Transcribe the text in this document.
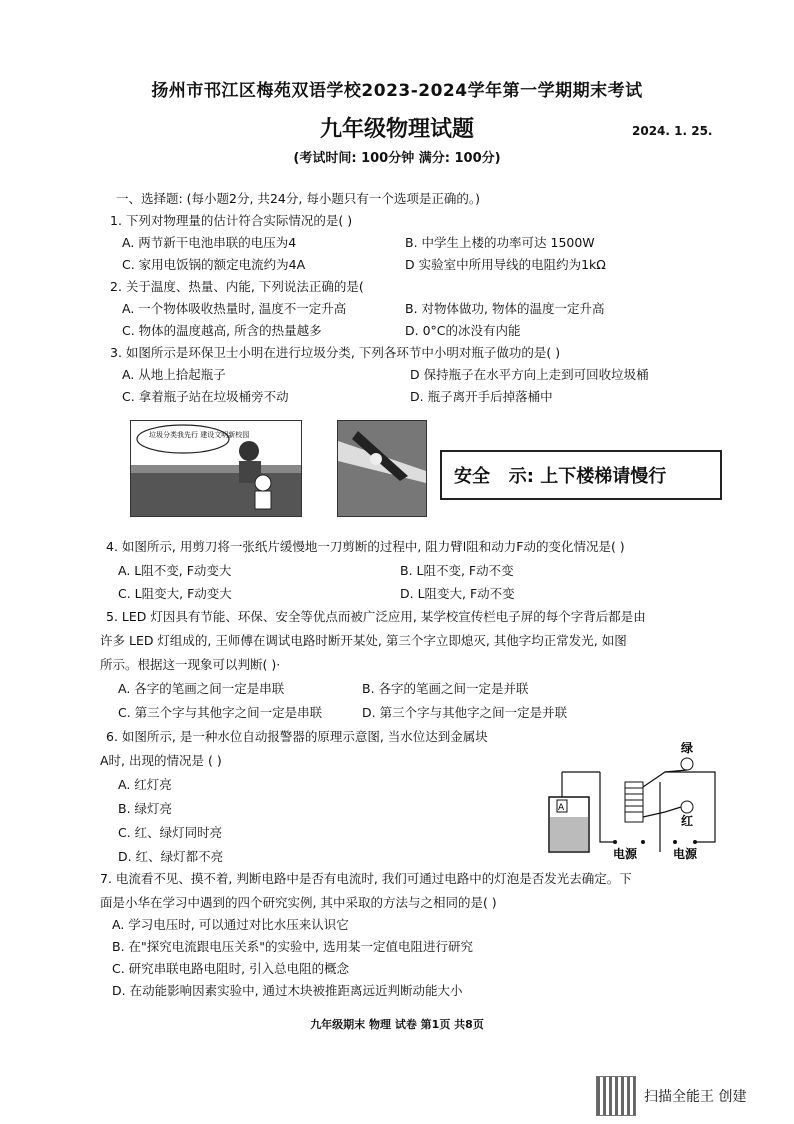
扬州市邗江区梅苑双语学校2023-2024学年第一学期期末考试
九年级物理试题	2024. 1. 25.
(考试时间: 100分钟 满分: 100分)
一、选择题: (每小题2分, 共24分, 每小题只有一个选项是正确的。)
1. 下列对物理量的估计符合实际情况的是( )
A. 两节新干电池串联的电压为4	B. 中学生上楼的功率可达 1500W
C. 家用电饭锅的额定电流约为4A	D 实验室中所用导线的电阻约为1kΩ
2. 关于温度、热量、内能, 下列说法正确的是(
A. 一个物体吸收热量时, 温度不一定升高	B. 对物体做功, 物体的温度一定升高
C. 物体的温度越高, 所含的热量越多	D. 0°C的冰没有内能
3. 如图所示是环保卫士小明在进行垃圾分类, 下列各环节中小明对瓶子做功的是( )
A. 从地上拾起瓶子	D 保持瓶子在水平方向上走到可回收垃圾桶
C. 拿着瓶子站在垃圾桶旁不动	D. 瓶子离开手后掉落桶中
垃圾分类我先行 建设文明新校园
安全   示: 上下楼梯请慢行
4. 如图所示, 用剪刀将一张纸片缓慢地一刀剪断的过程中, 阻力臂l阻和动力F动的变化情况是( )
A. L阻不变, F动变大	B. L阻不变, F动不变
C. L阻变大, F动变大	D. L阻变大, F动不变
5. LED 灯因具有节能、环保、安全等优点而被广泛应用, 某学校宣传栏电子屏的每个字背后都是由
许多 LED 灯组成的, 王师傅在调试电路时断开某处, 第三个字立即熄灭, 其他字均正常发光, 如图
所示。根据这一现象可以判断( )·
A. 各字的笔画之间一定是串联	B. 各字的笔画之间一定是并联
C. 第三个字与其他字之间一定是串联	D. 第三个字与其他字之间一定是并联
6. 如图所示, 是一种水位自动报警器的原理示意图, 当水位达到金属块
A时, 出现的情况是 ( )
A. 红灯亮
B. 绿灯亮
C. 红、绿灯同时亮
D. 红、绿灯都不亮
A
绿
红
电源	电源
7. 电流看不见、摸不着, 判断电路中是否有电流时, 我们可通过电路中的灯泡是否发光去确定。下
面是小华在学习中遇到的四个研究实例, 其中采取的方法与之相同的是( )
A. 学习电压时, 可以通过对比水压来认识它
B. 在"探究电流跟电压关系"的实验中, 选用某一定值电阻进行研究
C. 研究串联电路电阻时, 引入总电阻的概念
D. 在动能影响因素实验中, 通过木块被推距离远近判断动能大小
九年级期末 物理 试卷 第1页 共8页
扫描全能王 创建
